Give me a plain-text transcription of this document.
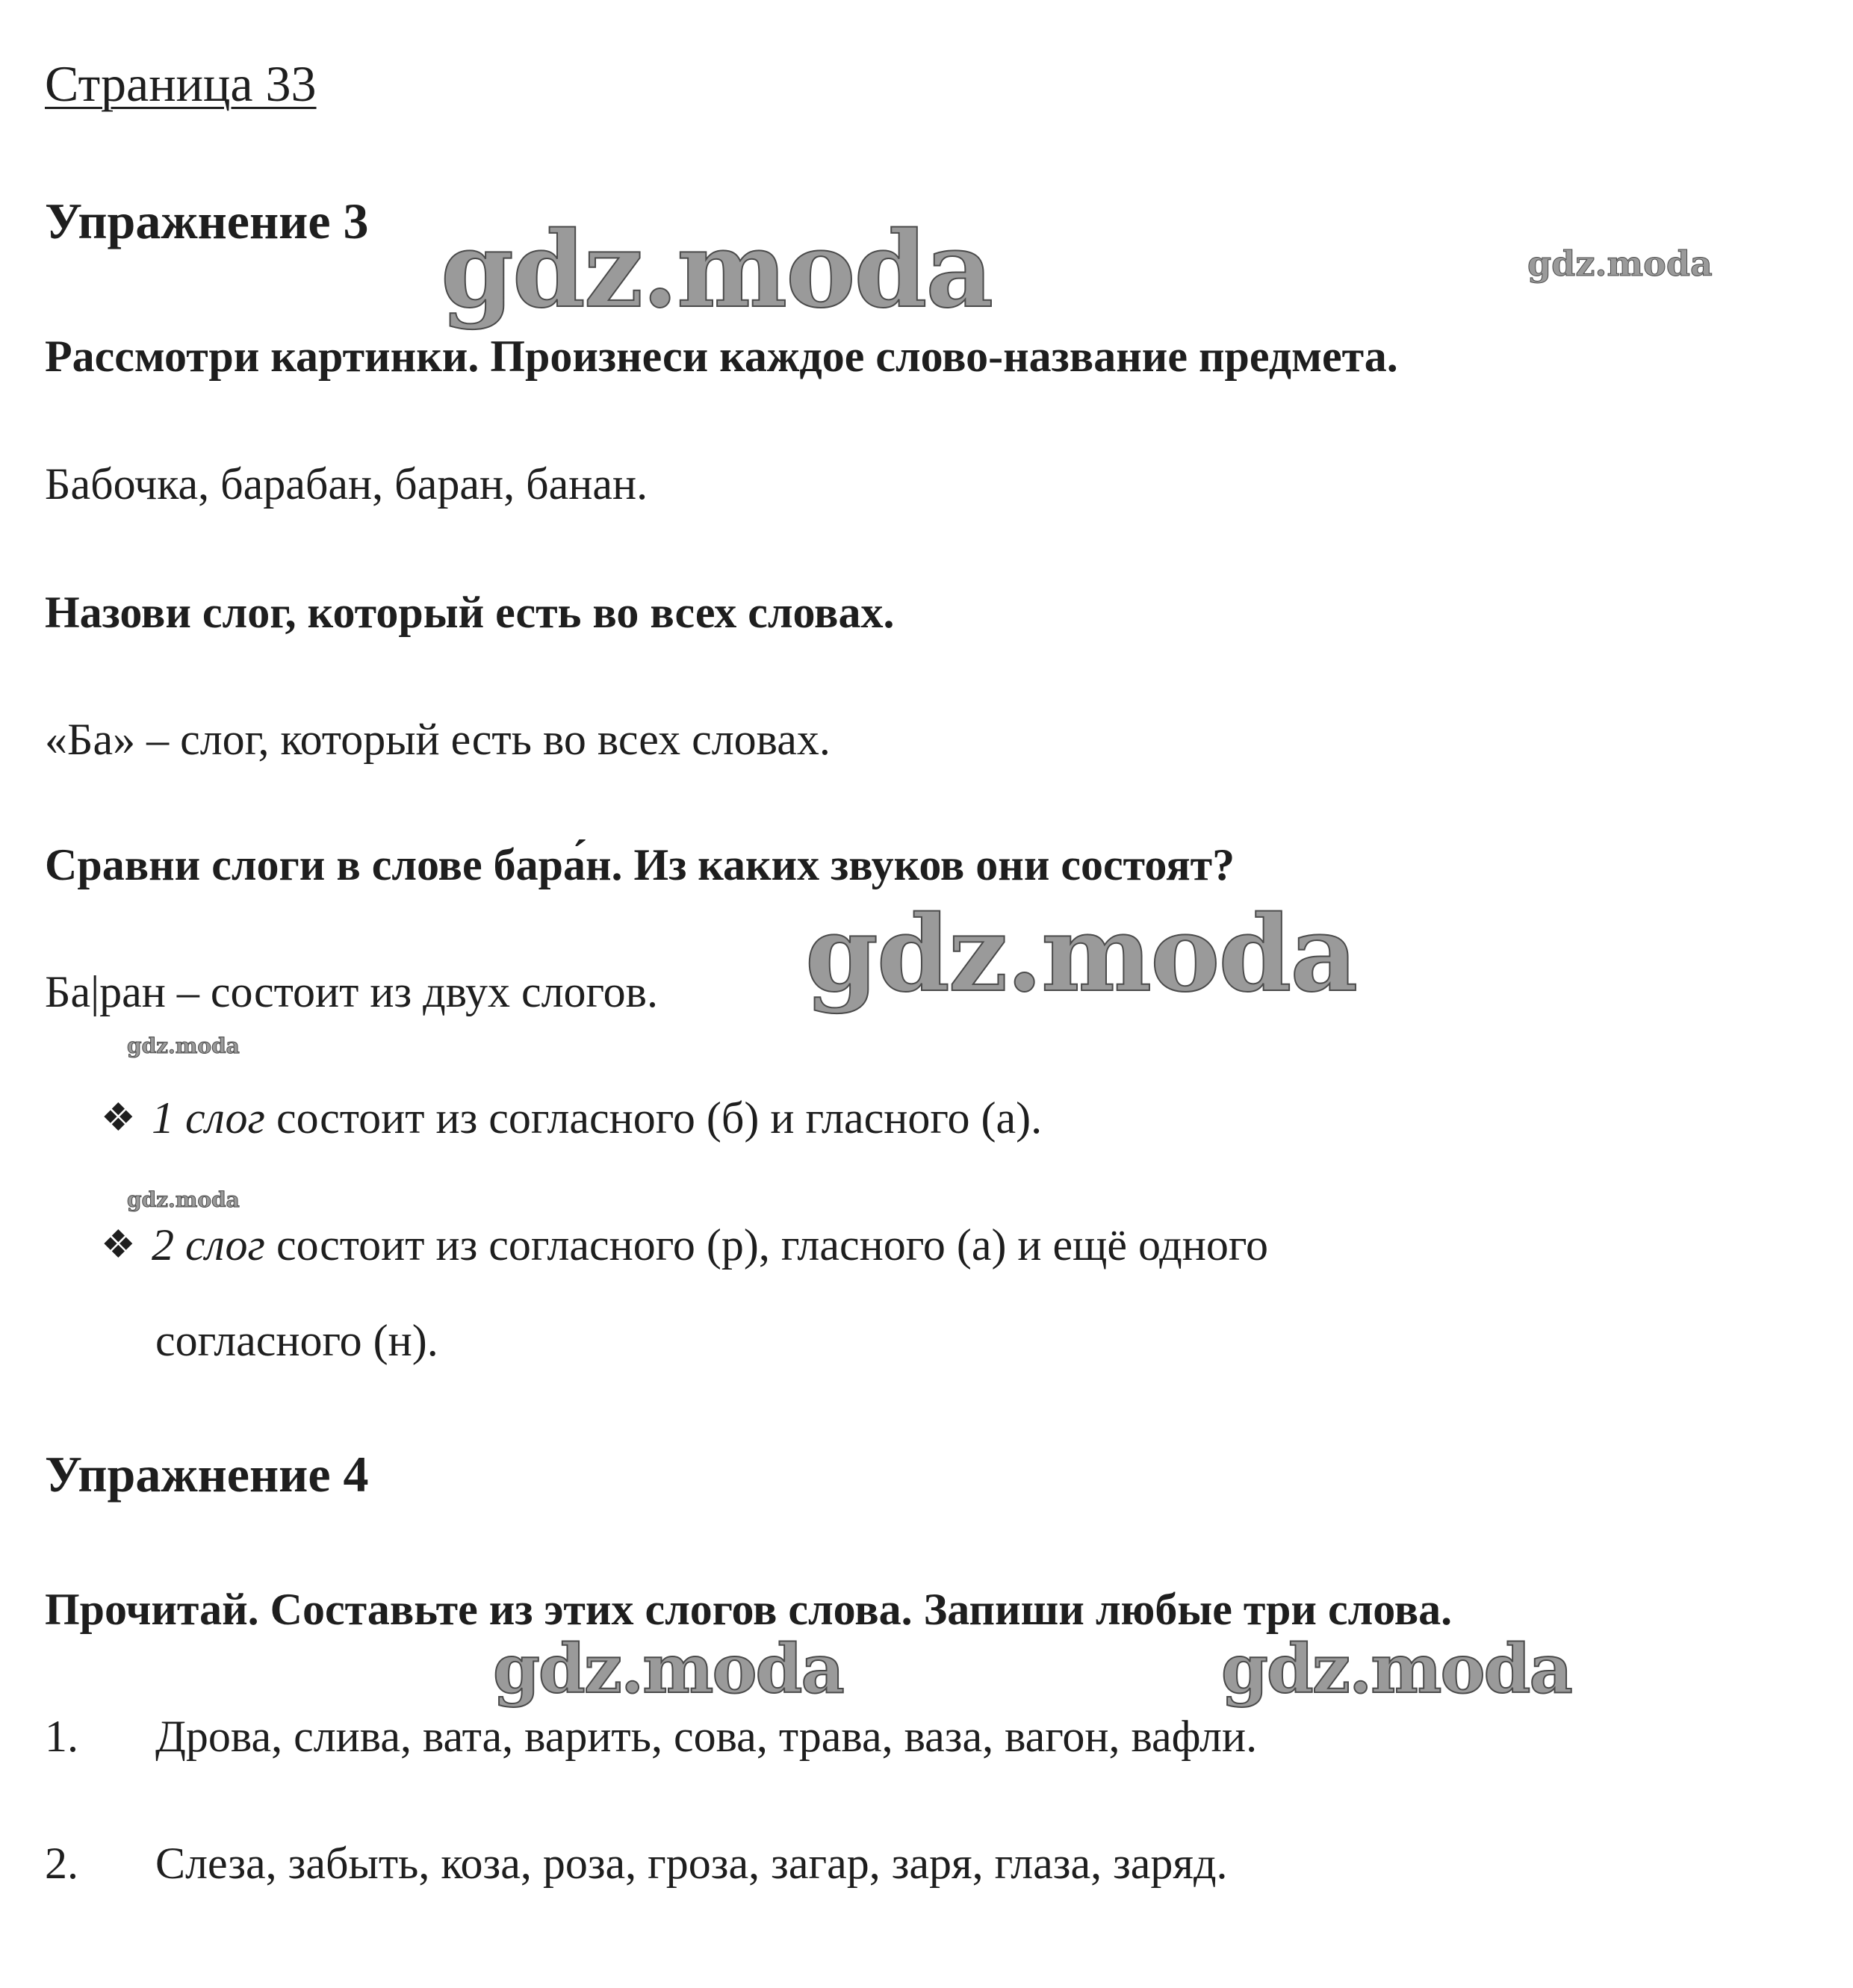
Страница 33
Упражнение 3
Рассмотри картинки. Произнеси каждое слово-название предмета.
Бабочка, барабан, баран, банан.
Назови слог, который есть во всех словах.
«Ба» – слог, который есть во всех словах.
Сравни слоги в слове бара́н. Из каких звуков они состоят?
Ба|ран – состоит из двух слогов.
❖ 1 слог состоит из согласного (б) и гласного (а).
❖ 2 слог состоит из согласного (р), гласного (а) и ещё одного
согласного (н).
Упражнение 4
Прочитай. Составьте из этих слогов слова. Запиши любые три слова.
1. Дрова, слива, вата, варить, сова, трава, ваза, вагон, вафли.
2. Слеза, забыть, коза, роза, гроза, загар, заря, глаза, заряд.
gdz.moda	gdz.moda
gdz.moda
gdz.moda
gdz.moda
gdz.moda	gdz.moda
